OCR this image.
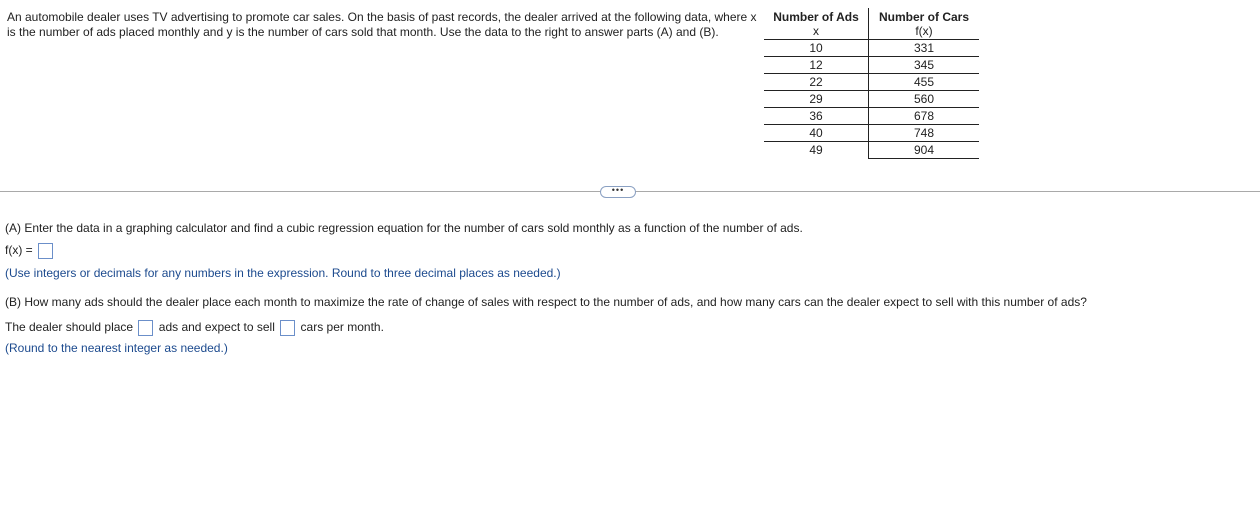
An automobile dealer uses TV advertising to promote car sales. On the basis of past records, the dealer arrived at the following data, where x is the number of ads placed monthly and y is the number of cars sold that month. Use the data to the right to answer parts (A) and (B).
Number of Ads	Number of Cars
x	f(x)
10	331
12	345
22	455
29	560
36	678
40	748
49	904
•••
(A) Enter the data in a graphing calculator and find a cubic regression equation for the number of cars sold monthly as a function of the number of ads.
f(x) =
(Use integers or decimals for any numbers in the expression. Round to three decimal places as needed.)
(B) How many ads should the dealer place each month to maximize the rate of change of sales with respect to the number of ads, and how many cars can the dealer expect to sell with this number of ads?
The dealer should place ads and expect to sell cars per month.
(Round to the nearest integer as needed.)
